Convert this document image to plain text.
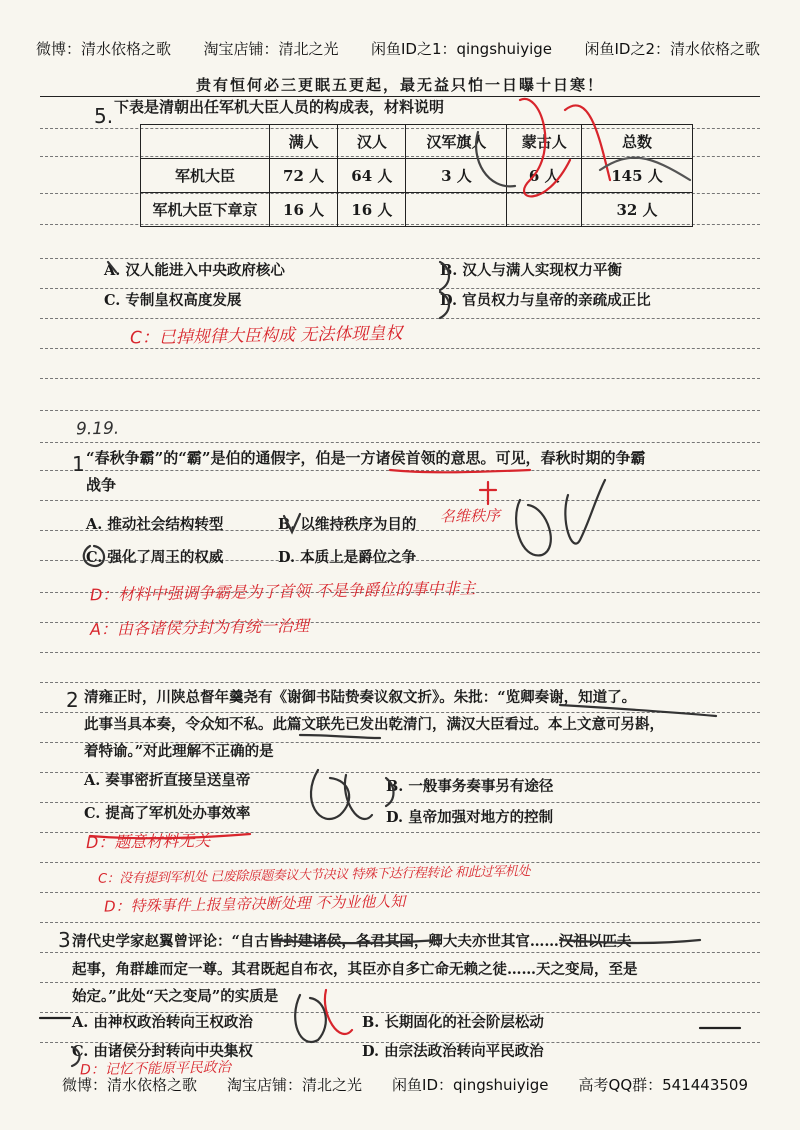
微博：清水依格之歌 淘宝店铺：清北之光 闲鱼ID之1：qingshuiyige 闲鱼ID之2：清水依格之歌
贵有恒何必三更眠五更起，最无益只怕一日曝十日寒！
5. 下表是清朝出任军机大臣人员的构成表，材料说明
	满人	汉人	汉军旗人	蒙古人	总数
军机大臣	72 人	64 人	3 人	6 人	145 人
军机大臣下章京	16 人	16 人			32 人
A. 汉人能进入中央政府核心	B. 汉人与满人实现权力平衡
C. 专制皇权高度发展	D. 官员权力与皇帝的亲疏成正比
C：已掉规律大臣构成 无法体现皇权
9.19.
1 “春秋争霸”的“霸”是伯的通假字，伯是一方诸侯首领的意思。可见，春秋时期的争霸
战争
A. 推动社会结构转型	B. 以维持秩序为目的
C. 强化了周王的权威	D. 本质上是爵位之争
名维秩序
D：材料中强调争霸是为了首领 不是争爵位的事中非主
A：由各诸侯分封为有统一治理
2 清雍正时，川陕总督年羹尧有《谢御书陆贽奏议叙文折》。朱批：“览卿奏谢，知道了。
此事当具本奏，令众知不私。此篇文联先已发出乾清门，满汉大臣看过。本上文意可另斟，
着特谕。”对此理解不正确的是
A. 奏事密折直接呈送皇帝	B. 一般事务奏事另有途径
C. 提高了军机处办事效率	D. 皇帝加强对地方的控制
D：题意材料无关
C：没有提到军机处 已废除原题奏议大节决议 特殊下达行程转论 和此过军机处
D：特殊事件上报皇帝决断处理 不为业他人知
3 清代史学家赵翼曾评论：“自古皆封建诸侯，各君其国，卿大夫亦世其官……汉祖以匹夫
起事，角群雄而定一尊。其君既起自布衣，其臣亦自多亡命无赖之徒……天之变局，至是
始定。”此处“天之变局”的实质是
A. 由神权政治转向王权政治	B. 长期固化的社会阶层松动
C. 由诸侯分封转向中央集权	D. 由宗法政治转向平民政治
D：记忆不能原平民政治
微博：清水依格之歌 淘宝店铺：清北之光 闲鱼ID：qingshuiyige 高考QQ群：541443509
